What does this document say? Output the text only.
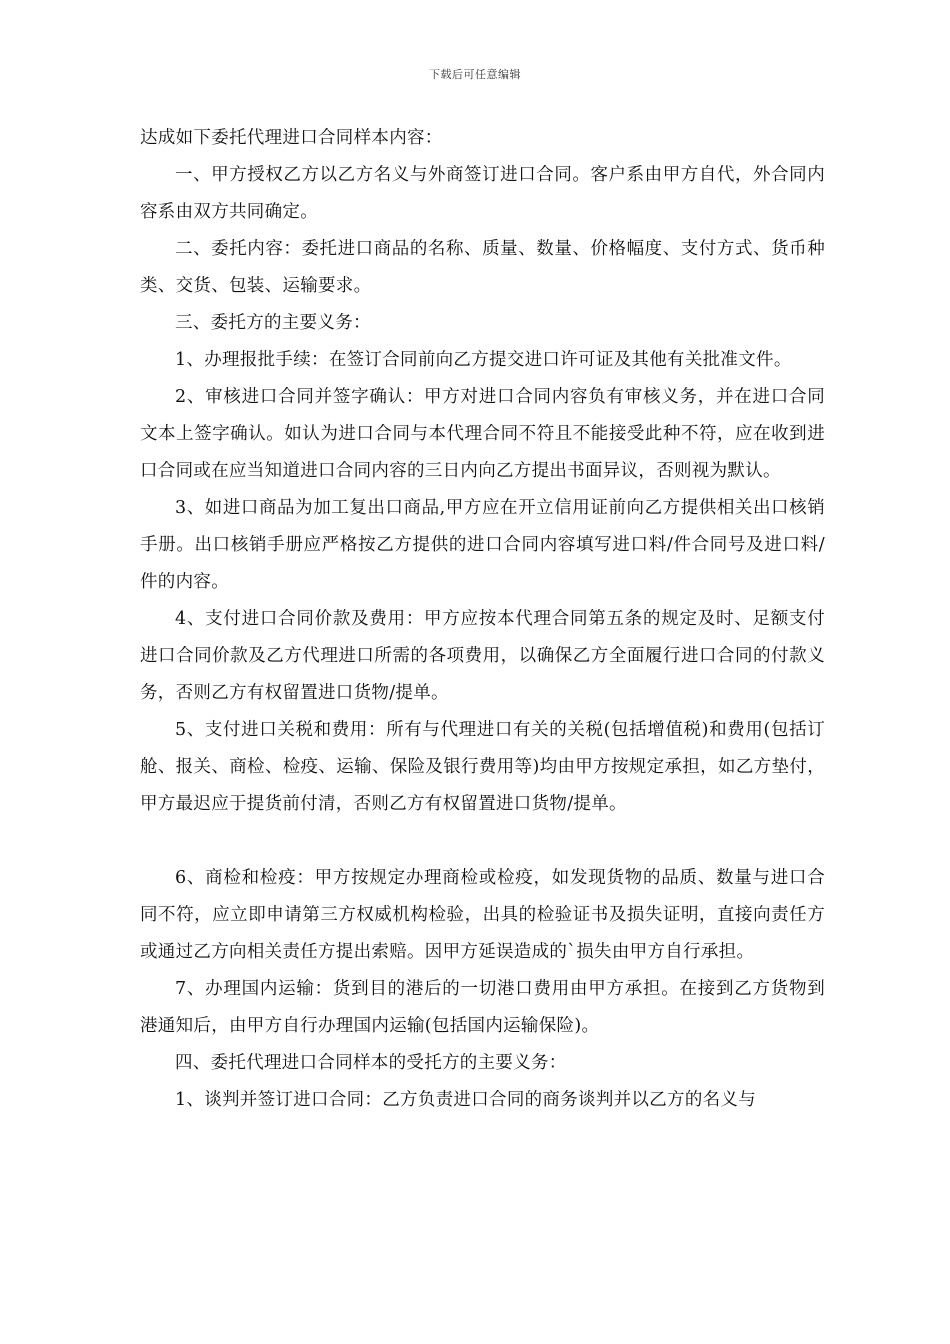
下载后可任意编辑

达成如下委托代理进口合同样本内容：

一、甲方授权乙方以乙方名义与外商签订进口合同。客户系由甲方自代，外合同内容系由双方共同确定。

二、委托内容：委托进口商品的名称、质量、数量、价格幅度、支付方式、货币种类、交货、包装、运输要求。

三、委托方的主要义务：

1、办理报批手续：在签订合同前向乙方提交进口许可证及其他有关批准文件。

2、审核进口合同并签字确认：甲方对进口合同内容负有审核义务，并在进口合同文本上签字确认。如认为进口合同与本代理合同不符且不能接受此种不符，应在收到进口合同或在应当知道进口合同内容的三日内向乙方提出书面异议，否则视为默认。

3、如进口商品为加工复出口商品,甲方应在开立信用证前向乙方提供相关出口核销手册。出口核销手册应严格按乙方提供的进口合同内容填写进口料/件合同号及进口料/件的内容。

4、支付进口合同价款及费用：甲方应按本代理合同第五条的规定及时、足额支付进口合同价款及乙方代理进口所需的各项费用，以确保乙方全面履行进口合同的付款义务，否则乙方有权留置进口货物/提单。

5、支付进口关税和费用：所有与代理进口有关的关税(包括增值税)和费用(包括订舱、报关、商检、检疫、运输、保险及银行费用等)均由甲方按规定承担，如乙方垫付，甲方最迟应于提货前付清，否则乙方有权留置进口货物/提单。

6、商检和检疫：甲方按规定办理商检或检疫，如发现货物的品质、数量与进口合同不符，应立即申请第三方权威机构检验，出具的检验证书及损失证明，直接向责任方或通过乙方向相关责任方提出索赔。因甲方延误造成的`损失由甲方自行承担。

7、办理国内运输：货到目的港后的一切港口费用由甲方承担。在接到乙方货物到港通知后，由甲方自行办理国内运输(包括国内运输保险)。

四、委托代理进口合同样本的受托方的主要义务：

1、谈判并签订进口合同：乙方负责进口合同的商务谈判并以乙方的名义与
